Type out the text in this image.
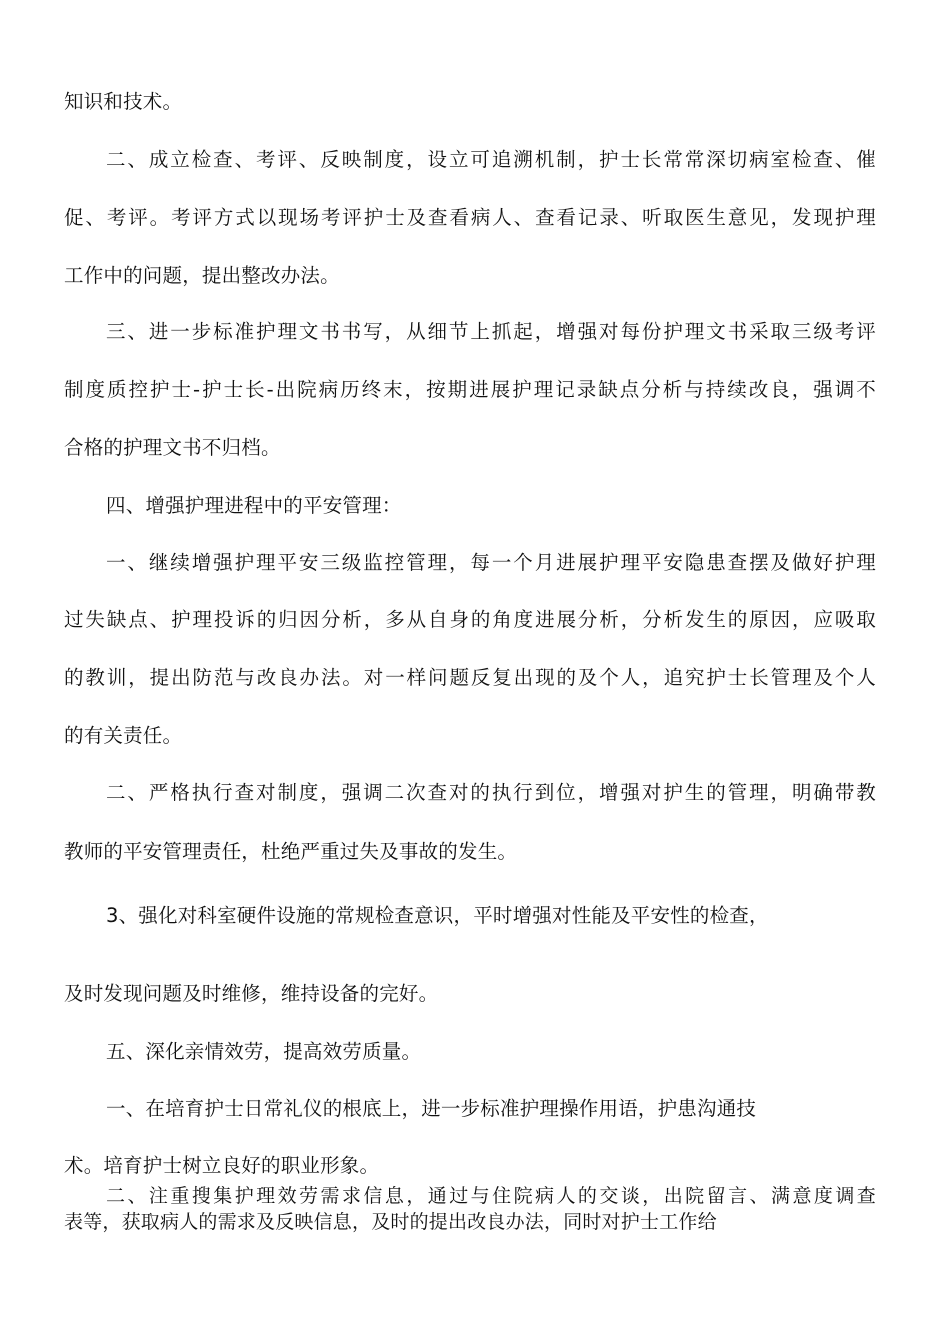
知识和技术。
二、成立检查、考评、反映制度，设立可追溯机制，护士长常常深切病室检查、催
促、考评。考评方式以现场考评护士及查看病人、查看记录、听取医生意见，发现护理
工作中的问题，提出整改办法。
三、进一步标准护理文书书写，从细节上抓起，增强对每份护理文书采取三级考评
制度质控护士-护士长-出院病历终末，按期进展护理记录缺点分析与持续改良，强调不
合格的护理文书不归档。
四、增强护理进程中的平安管理：
一、继续增强护理平安三级监控管理，每一个月进展护理平安隐患查摆及做好护理
过失缺点、护理投诉的归因分析，多从自身的角度进展分析，分析发生的原因，应吸取
的教训，提出防范与改良办法。对一样问题反复出现的及个人，追究护士长管理及个人
的有关责任。
二、严格执行查对制度，强调二次查对的执行到位，增强对护生的管理，明确带教
教师的平安管理责任，杜绝严重过失及事故的发生。
3、强化对科室硬件设施的常规检查意识，平时增强对性能及平安性的检查，
及时发现问题及时维修，维持设备的完好。
五、深化亲情效劳，提高效劳质量。
一、在培育护士日常礼仪的根底上，进一步标准护理操作用语，护患沟通技
术。培育护士树立良好的职业形象。
二、注重搜集护理效劳需求信息，通过与住院病人的交谈，出院留言、满意度调查
表等，获取病人的需求及反映信息，及时的提出改良办法，同时对护士工作给
